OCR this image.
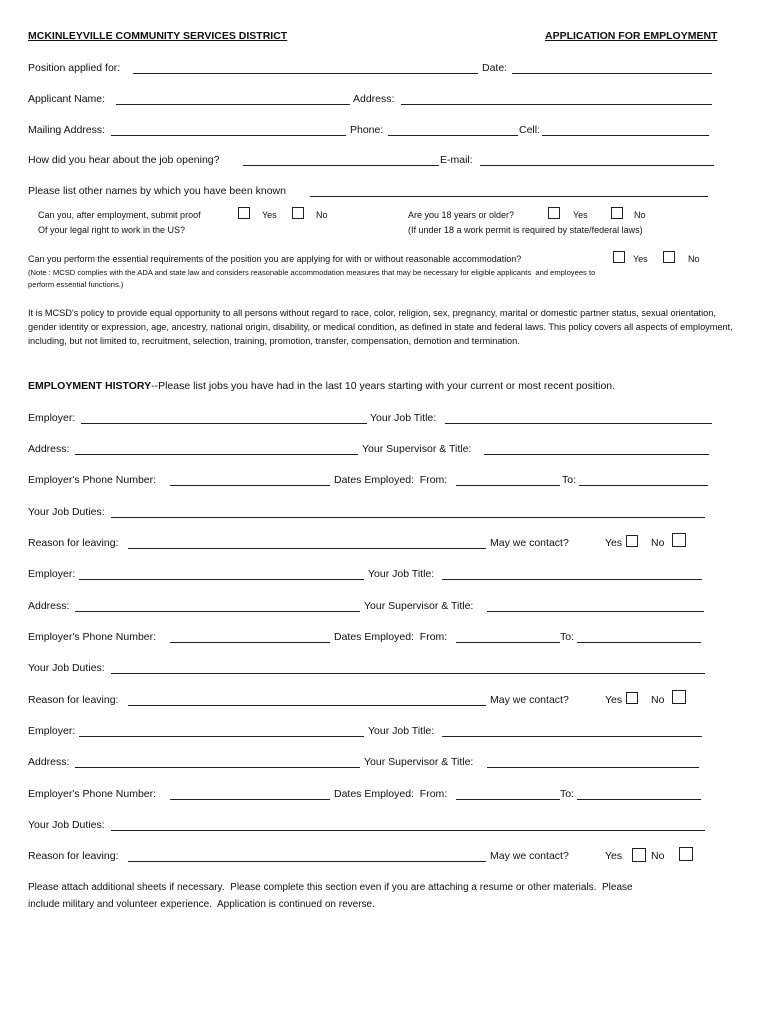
MCKINLEYVILLE COMMUNITY SERVICES DISTRICT	APPLICATION FOR EMPLOYMENT
Position applied for:	Date:
Applicant Name:	Address:
Mailing Address:	Phone:	Cell:
How did you hear about the job opening?	E-mail:
Please list other names by which you have been known
Can you, after employment, submit proof
Of your legal right to work in the US?
Yes	No	Are you 18 years or older?	Yes	No
(If under 18 a work permit is required by state/federal laws)
Can you perform the essential requirements of the position you are applying for with or without reasonable accommodation?	Yes	No
(Note : MCSD complies with the ADA and state law and considers reasonable accommodation measures that may be necessary for eligible applicants  and employees to
perform essential functions.)
It is MCSD's policy to provide equal opportunity to all persons without regard to race, color, religion, sex, pregnancy, marital or domestic partner status, sexual orientation, gender identity or expression, age, ancestry, national origin, disability, or medical condition, as defined in state and federal laws. This policy covers all aspects of employment, including, but not limited to, recruitment, selection, training, promotion, transfer, compensation, demotion and termination.
EMPLOYMENT HISTORY--Please list jobs you have had in the last 10 years starting with your current or most recent position.
Employer:	Your Job Title:
Address:	Your Supervisor & Title:
Employer's Phone Number:	Dates Employed:  From:	To:
Your Job Duties:
Reason for leaving:	May we contact?	Yes	No
Employer:	Your Job Title:
Address:	Your Supervisor & Title:
Employer's Phone Number:	Dates Employed:  From:	To:
Your Job Duties:
Reason for leaving:	May we contact?	Yes	No
Employer:	Your Job Title:
Address:	Your Supervisor & Title:
Employer's Phone Number:	Dates Employed:  From:	To:
Your Job Duties:
Reason for leaving:	May we contact?	Yes	No
Please attach additional sheets if necessary.  Please complete this section even if you are attaching a resume or other materials.  Please
include military and volunteer experience.  Application is continued on reverse.
